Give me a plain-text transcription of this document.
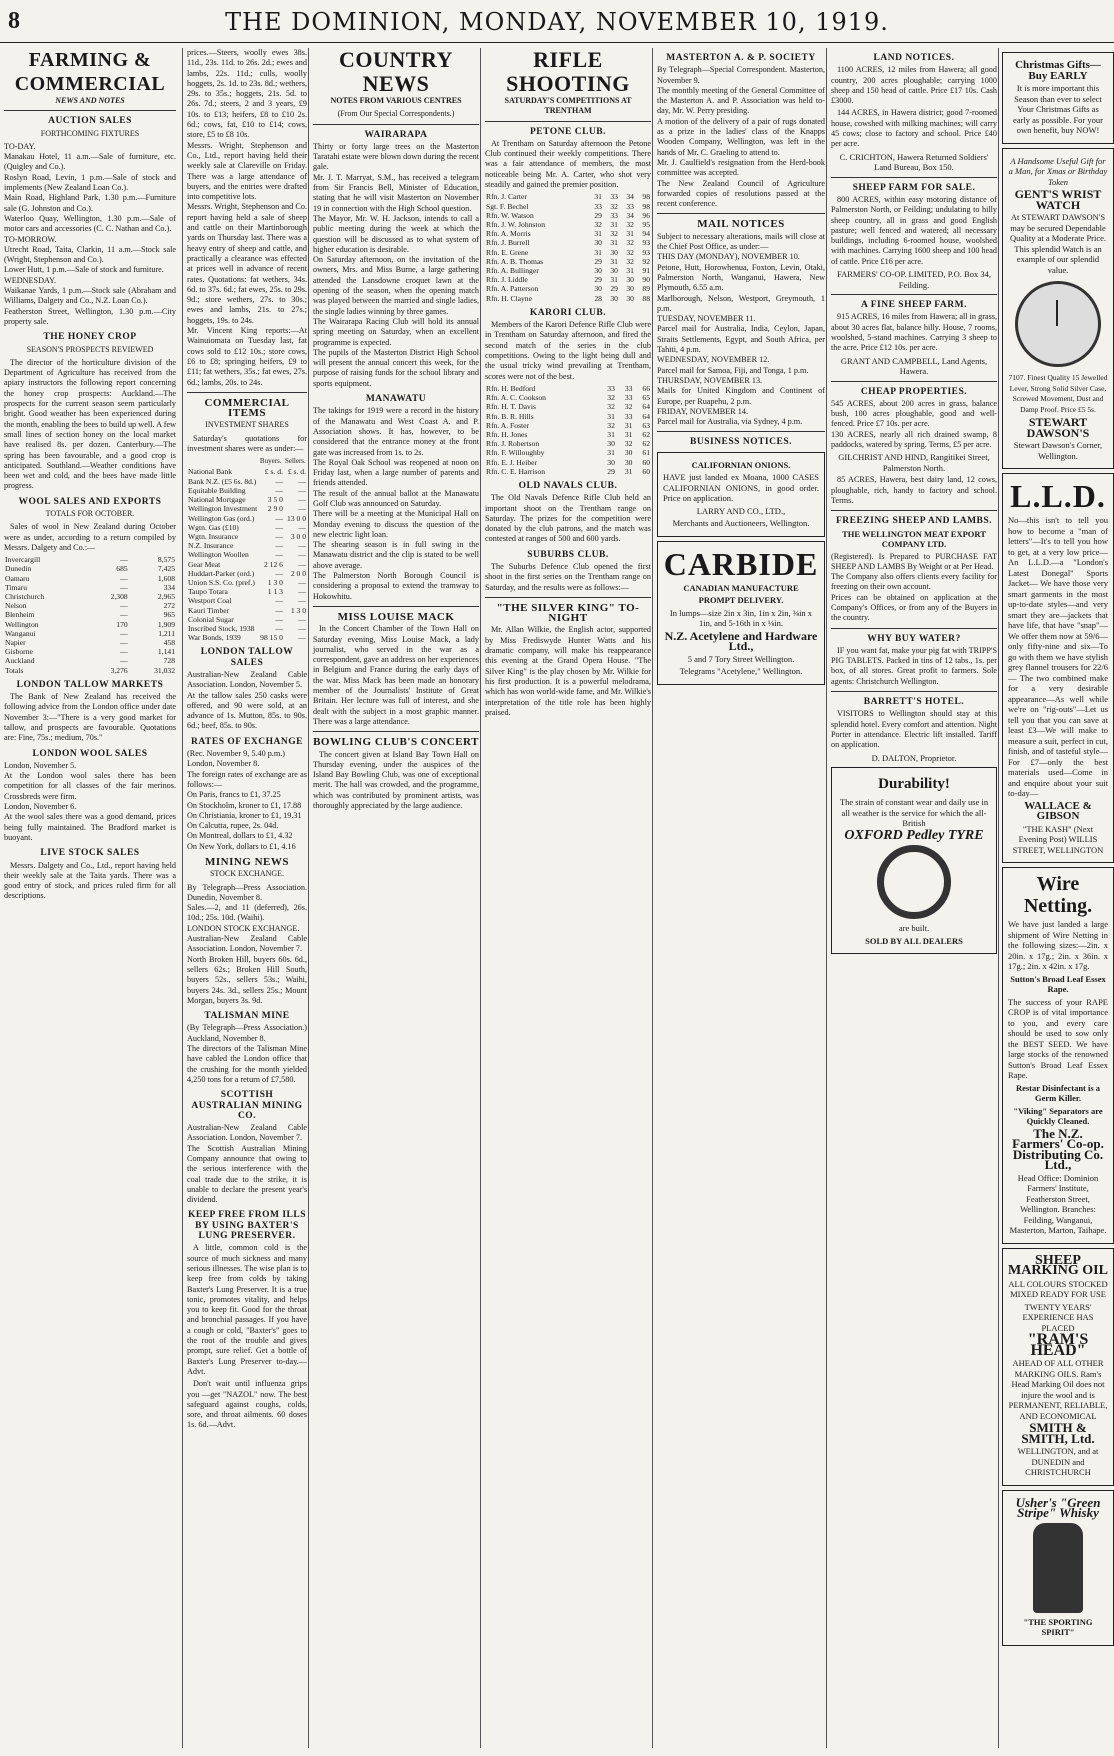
8	THE DOMINION, MONDAY, NOVEMBER 10, 1919.
FARMING & COMMERCIAL
NEWS AND NOTES
AUCTION SALES
FORTHCOMING FIXTURES

TO-DAY.
Manakau Hotel, 11 a.m.—Sale of furniture, etc. (Quigley and Co.).
Roslyn Road, Levin, 1 p.m.—Sale of stock and implements (New Zealand Loan Co.).
Main Road, Highland Park, 1.30 p.m.—Furniture sale (G. Johnston and Co.).
Waterloo Quay, Wellington, 1.30 p.m.—Sale of motor cars and accessories (C. C. Nathan and Co.).
TO-MORROW.
Utrecht Road, Taita, Clarkin, 11 a.m.—Stock sale (Wright, Stephenson and Co.).
Lower Hutt, 1 p.m.—Sale of stock and furniture.
WEDNESDAY.
Waikanae Yards, 1 p.m.—Stock sale (Abraham and Williams, Dalgety and Co., N.Z. Loan Co.).
Featherston Street, Wellington, 1.30 p.m.—City property sale.

THE HONEY CROP
SEASON'S PROSPECTS REVIEWED

The director of the horticulture division of the Department of Agriculture has received from the apiary instructors the following report concerning the honey crop prospects: Auckland.—The prospects for the current season seem particularly bright. Good weather has been experienced during the month, enabling the bees to build up well. A few small lines of section honey on the local market have realised 8s. per dozen. Canterbury.—The spring has been favourable, and a good crop is anticipated. Southland.—Weather conditions have been wet and cold, and the bees have made little progress.

WOOL SALES AND EXPORTS
TOTALS FOR OCTOBER.

Sales of wool in New Zealand during October were as under, according to a return compiled by Messrs. Dalgety and Co.:—

Invercargill	—	8,575
Dunedin	685	7,425
Oamaru	—	1,608
Timaru	—	334
Christchurch	2,308	2,965
Nelson	—	272
Blenheim	—	965
Wellington	170	1,909
Wanganui	—	1,211
Napier	—	458
Gisborne	—	1,141
Auckland	—	728
Totals	3,276	31,032
LONDON TALLOW MARKETS

The Bank of New Zealand has received the following advice from the London office under date November 3:—"There is a very good market for tallow, and prospects are favourable. Quotations are: Fine, 75s.; medium, 70s."

LONDON WOOL SALES

London, November 5.
At the London wool sales there has been competition for all classes of the fair merinos. Crossbreds were firm.
London, November 6.
At the wool sales there was a good demand, prices being fully maintained. The Bradford market is buoyant.

LIVE STOCK SALES

Messrs. Dalgety and Co., Ltd., report having held their weekly sale at the Taita yards. There was a good entry of stock, and prices ruled firm for all descriptions.

prices.—Steers, woolly ewes 38s. 11d., 23s. 11d. to 26s. 2d.; ewes and lambs, 22s. 11d.; culls, woolly hoggets, 2s. 1d. to 23s. 8d.; wethers, 29s. to 35s.; hoggets, 21s. 5d. to 26s. 7d.; steers, 2 and 3 years, £9 10s. to £13; heifers, £8 to £10 2s. 6d.; cows, fat, £10 to £14; cows, store, £5 to £8 10s.
Messrs. Wright, Stephenson and Co., Ltd., report having held their weekly sale at Clareville on Friday. There was a large attendance of buyers, and the entries were drafted into competitive lots.
Messrs. Wright, Stephenson and Co. report having held a sale of sheep and cattle on their Martinborough yards on Thursday last. There was a heavy entry of sheep and cattle, and practically a clearance was effected at prices well in advance of recent rates. Quotations: fat wethers, 34s. 6d. to 37s. 6d.; fat ewes, 25s. to 29s. 9d.; store wethers, 27s. to 30s.; ewes and lambs, 21s. to 27s.; hoggets, 19s. to 24s.
Mr. Vincent King reports:—At Wainuiomata on Tuesday last, fat cows sold to £12 10s.; store cows, £6 to £8; springing heifers, £9 to £11; fat wethers, 35s.; fat ewes, 27s. 6d.; lambs, 20s. to 24s.

COMMERCIAL ITEMS
INVESTMENT SHARES

Saturday's quotations for investment shares were as under:—

	Buyers.	Sellers.
National Bank	£ s. d.	£ s. d.
Bank N.Z. (£5 6s. 8d.)	—	—
Equitable Building	—	—
National Mortgage	3 5 0	—
Wellington Investment	2 9 0	—
Wellington Gas (ord.)	—	13 0 0
Wgtn. Gas (£10)	—	—
Wgtn. Insurance	—	3 0 0
N.Z. Insurance	—	—
Wellington Woollen	—	—
Gear Meat	2 12 6	—
Huddart-Parker (ord.)	—	2 0 0
Union S.S. Co. (pref.)	1 3 0	—
Taupo Totara	1 1 3	—
Westport Coal	—	—
Kauri Timber	—	1 3 0
Colonial Sugar	—	—
Inscribed Stock, 1938	—	—
War Bonds, 1939	98 15 0	—
LONDON TALLOW SALES

Australian-New Zealand Cable Association. London, November 5.
At the tallow sales 250 casks were offered, and 90 were sold, at an advance of 1s. Mutton, 85s. to 90s. 6d.; beef, 85s. to 90s.

RATES OF EXCHANGE

(Rec. November 9, 5.40 p.m.)
London, November 8.
The foreign rates of exchange are as follows:—
On Paris, francs to £1, 37.25
On Stockholm, kroner to £1, 17.88
On Christiania, kroner to £1, 19.31
On Calcutta, rupee, 2s. 04d.
On Montreal, dollars to £1, 4.32
On New York, dollars to £1, 4.16

MINING NEWS
STOCK EXCHANGE.

By Telegraph—Press Association. Dunedin, November 8.
Sales.—2, and 11 (deferred), 26s. 10d.; 25s. 10d. (Waihi).
LONDON STOCK EXCHANGE.
Australian-New Zealand Cable Association. London, November 7.
North Broken Hill, buyers 60s. 6d., sellers 62s.; Broken Hill South, buyers 52s., sellers 53s.; Waihi, buyers 24s. 3d., sellers 25s.; Mount Morgan, buyers 3s. 9d.

TALISMAN MINE

(By Telegraph—Press Association.) Auckland, November 8.
The directors of the Talisman Mine have cabled the London office that the crushing for the month yielded 4,250 tons for a return of £7,580.

SCOTTISH AUSTRALIAN MINING CO.

Australian-New Zealand Cable Association. London, November 7.
The Scottish Australian Mining Company announce that owing to the serious interference with the coal trade due to the strike, it is unable to declare the present year's dividend.

KEEP FREE FROM ILLS BY USING BAXTER'S LUNG PRESERVER.

A little, common cold is the source of much sickness and many serious illnesses. The wise plan is to keep free from colds by taking Baxter's Lung Preserver. It is a true tonic, promotes vitality, and helps you to keep fit. Good for the throat and bronchial passages. If you have a cough or cold, "Baxter's" goes to the root of the trouble and gives prompt, sure relief. Get a bottle of Baxter's Lung Preserver to-day.—Advt.

Don't wait until influenza grips you —get "NAZOL" now. The best safeguard against coughs, colds, sore, and throat ailments. 60 doses 1s. 6d.—Advt.

COUNTRY NEWS
NOTES FROM VARIOUS CENTRES
(From Our Special Correspondents.)
WAIRARAPA

Thirty or forty large trees on the Masterton Taratahi estate were blown down during the recent gale.
Mr. J. T. Marryat, S.M., has received a telegram from Sir Francis Bell, Minister of Education, stating that he will visit Masterton on November 19 in connection with the High School question.
The Mayor, Mr. W. H. Jackson, intends to call a public meeting during the week at which the question will be discussed as to what system of higher education is desirable.
On Saturday afternoon, on the invitation of the owners, Mrs. and Miss Burne, a large gathering attended the Lansdowne croquet lawn at the opening of the season, when the opening match was played between the married and single ladies, the single ladies winning by three games.
The Wairarapa Racing Club will hold its annual spring meeting on Saturday, when an excellent programme is expected.
The pupils of the Masterton District High School will present the annual concert this week, for the purpose of raising funds for the school library and sports equipment.

MANAWATU

The takings for 1919 were a record in the history of the Manawatu and West Coast A. and P. Association shows. It has, however, to be considered that the entrance money at the front gate was increased from 1s. to 2s.
The Royal Oak School was reopened at noon on Friday last, when a large number of parents and friends attended.
The result of the annual ballot at the Manawatu Golf Club was announced on Saturday.
There will be a meeting at the Municipal Hall on Monday evening to discuss the question of the new electric light loan.
The shearing season is in full swing in the Manawatu district and the clip is stated to be well above average.
The Palmerston North Borough Council is considering a proposal to extend the tramway to Hokowhitu.

MISS LOUISE MACK

In the Concert Chamber of the Town Hall on Saturday evening, Miss Louise Mack, a lady journalist, who served in the war as a correspondent, gave an address on her experiences in Belgium and France during the early days of the war. Miss Mack has been made an honorary member of the Journalists' Institute of Great Britain. Her lecture was full of interest, and she dealt with the subject in a most graphic manner. There was a large attendance.

BOWLING CLUB'S CONCERT

The concert given at Island Bay Town Hall on Thursday evening, under the auspices of the Island Bay Bowling Club, was one of exceptional merit. The hall was crowded, and the programme, which was contributed by prominent artists, was thoroughly appreciated by the large audience.

RIFLE SHOOTING
SATURDAY'S COMPETITIONS AT TRENTHAM
PETONE CLUB.

At Trentham on Saturday afternoon the Petone Club continued their weekly competitions. There was a fair attendance of members, the most noticeable being Mr. A. Carter, who shot very steadily and gained the premier position.

Rfn. J. Carter	31	33	34	98
Sgt. F. Bechel	33	32	33	98
Rfn. W. Watson	29	33	34	96
Rfn. J. W. Johnston	32	31	32	95
Rfn. A. Morris	31	32	31	94
Rfn. J. Burrell	30	31	32	93
Rfn. E. Grene	31	30	32	93
Rfn. A. B. Thomas	29	31	32	92
Rfn. A. Bullinger	30	30	31	91
Rfn. J. Liddle	29	31	30	90
Rfn. A. Patterson	30	29	30	89
Rfn. H. Clayne	28	30	30	88
KARORI CLUB.

Members of the Karori Defence Rifle Club were in Trentham on Saturday afternoon, and fired the second match of the series in the club competitions. Owing to the light being dull and the usual tricky wind prevailing at Trentham, scores were not of the best.

Rfn. H. Bedford	33	33	66
Rfn. A. C. Cookson	32	33	65
Rfn. H. T. Davis	32	32	64
Rfn. B. R. Hills	31	33	64
Rfn. A. Foster	32	31	63
Rfn. H. Jones	31	31	62
Rfn. J. Robertson	30	32	62
Rfn. F. Willoughby	31	30	61
Rfn. E. J. Heiber	30	30	60
Rfn. C. E. Harrison	29	31	60
OLD NAVALS CLUB.

The Old Navals Defence Rifle Club held an important shoot on the Trentham range on Saturday. The prizes for the competition were donated by the club patrons, and the match was contested at ranges of 500 and 600 yards.

SUBURBS CLUB.

The Suburbs Defence Club opened the first shoot in the first series on the Trentham range on Saturday, and the results were as follows:—

"THE SILVER KING" TO-NIGHT

Mr. Allan Wilkie, the English actor, supported by Miss Frediswyde Hunter Watts and his dramatic company, will make his reappearance this evening at the Grand Opera House. "The Silver King" is the play chosen by Mr. Wilkie for his first production. It is a powerful melodrama, which has won world-wide fame, and Mr. Wilkie's interpretation of the title role has been highly praised.

MASTERTON A. & P. SOCIETY

By Telegraph—Special Correspondent. Masterton, November 9.
The monthly meeting of the General Committee of the Masterton A. and P. Association was held to-day, Mr. W. Perry presiding.
A motion of the delivery of a pair of rugs donated as a prize in the ladies' class of the Knapps Wooden Company, Wellington, was left in the hands of Mr. C. Graeling to attend to.
Mr. J. Caulfield's resignation from the Herd-book committee was accepted.
The New Zealand Council of Agriculture forwarded copies of resolutions passed at the recent conference.

MAIL NOTICES

Subject to necessary alterations, mails will close at the Chief Post Office, as under:—
THIS DAY (MONDAY), NOVEMBER 10.
Petone, Hutt, Horowhenua, Foxton, Levin, Otaki, Palmerston North, Wanganui, Hawera, New Plymouth, 6.55 a.m.
Marlborough, Nelson, Westport, Greymouth, 1 p.m.
TUESDAY, NOVEMBER 11.
Parcel mail for Australia, India, Ceylon, Japan, Straits Settlements, Egypt, and South Africa, per Tahiti, 4 p.m.
WEDNESDAY, NOVEMBER 12.
Parcel mail for Samoa, Fiji, and Tonga, 1 p.m.
THURSDAY, NOVEMBER 13.
Mails for United Kingdom and Continent of Europe, per Ruapehu, 2 p.m.
FRIDAY, NOVEMBER 14.
Parcel mail for Australia, via Sydney, 4 p.m.

BUSINESS NOTICES.
CALIFORNIAN ONIONS.
HAVE just landed ex Moana, 1000 CASES CALIFORNIAN ONIONS, in good order. Price on application.
LARRY AND CO., LTD.,
Merchants and Auctioneers, Wellington.
CARBIDE
CANADIAN MANUFACTURE
PROMPT DELIVERY.
In lumps—size 2in x 3in, 1in x 2in, ⅜in x 1in, and 5-16th in x ⅛in.
N.Z. Acetylene and Hardware Ltd.,
5 and 7 Tory Street Wellington.
Telegrams "Acetylene," Wellington.
LAND NOTICES.

1100 ACRES, 12 miles from Hawera; all good country, 200 acres ploughable; carrying 1000 sheep and 150 head of cattle. Price £17 10s. Cash £3000.

144 ACRES, in Hawera district; good 7-roomed house, cowshed with milking machines; will carry 45 cows; close to factory and school. Price £40 per acre.

C. CRICHTON, Hawera Returned Soldiers' Land Bureau, Box 150.
SHEEP FARM FOR SALE.

800 ACRES, within easy motoring distance of Palmerston North, or Feilding; undulating to hilly sheep country, all in grass and good English pasture; well fenced and watered; all necessary buildings, including 6-roomed house, woolshed with machines. Carrying 1600 sheep and 100 head of cattle. Price £16 per acre.

FARMERS' CO-OP. LIMITED, P.O. Box 34, Feilding.
A FINE SHEEP FARM.

915 ACRES, 16 miles from Hawera; all in grass, about 30 acres flat, balance hilly. House, 7 rooms, woolshed, 5-stand machines. Carrying 3 sheep to the acre. Price £12 10s. per acre.

GRANT AND CAMPBELL, Land Agents, Hawera.
CHEAP PROPERTIES.

545 ACRES, about 200 acres in grass, balance bush, 100 acres ploughable, good and well-fenced. Price £7 10s. per acre.
130 ACRES, nearly all rich drained swamp, 8 paddocks, watered by spring. Terms, £5 per acre.

GILCHRIST AND HIND, Rangitikei Street, Palmerston North.

85 ACRES, Hawera, best dairy land, 12 cows, ploughable, rich, handy to factory and school. Terms.

FREEZING SHEEP AND LAMBS.
THE WELLINGTON MEAT EXPORT COMPANY LTD.

(Registered). Is Prepared to PURCHASE FAT SHEEP AND LAMBS By Weight or at Per Head.
The Company also offers clients every facility for freezing on their own account.
Prices can be obtained on application at the Company's Offices, or from any of the Buyers in the country.

WHY BUY WATER?

IF you want fat, make your pig fat with TRIPP'S PIG TABLETS. Packed in tins of 12 tabs., 1s. per box, of all stores. Great profit to farmers. Sole agents: Christchurch Wellington.

BARRETT'S HOTEL.

VISITORS to Wellington should stay at this splendid hotel. Every comfort and attention. Night Porter in attendance. Electric lift installed. Tariff on application.

D. DALTON, Proprietor.
Durability!
The strain of constant wear and daily use in all weather is the service for which the all-British
OXFORD Pedley TYRE
are built.
SOLD BY ALL DEALERS
Christmas Gifts—Buy EARLY
It is more important this Season than ever to select Your Christmas Gifts as early as possible. For your own benefit, buy NOW!
A Handsome Useful Gift for a Man, for Xmas or Birthday Token
GENT'S WRIST WATCH
At STEWART DAWSON'S may be secured Dependable Quality at a Moderate Price. This splendid Watch is an example of our splendid value.
7107. Finest Quality 15 Jewelled Lever, Strong Solid Silver Case, Screwed Movement, Dust and Damp Proof. Price £5 5s.
STEWART DAWSON'S
Stewart Dawson's Corner, Wellington.
L.L.D.
No—this isn't to tell you how to become a "man of letters"—It's to tell you how to get, at a very low price—An L.L.D.—a "London's Latest Donegal" Sports Jacket— We have those very smart garments in the most up-to-date styles—and very smart they are—jackets that have life, that have "snap"— We offer them now at 59/6—only fifty-nine and six—To go with them we have stylish grey flannel trousers for 22/6— The two combined make for a very desirable appearance—As well while we're on "rig-outs"—Let us tell you that you can save at least £3—We will make to measure a suit, perfect in cut, finish, and of tasteful style—For £7—only the best materials used—Come in and enquire about your suit to-day—
WALLACE & GIBSON
"THE KASH" (Next Evening Post) WILLIS STREET, WELLINGTON
Wire Netting.
We have just landed a large shipment of Wire Netting in the following sizes:—2in. x 20in. x 17g.; 2in. x 36in. x 17g.; 2in. x 42in. x 17g.
Sutton's Broad Leaf Essex Rape.
The success of your RAPE CROP is of vital importance to you, and every care should be used to sow only the BEST SEED. We have large stocks of the renowned Sutton's Broad Leaf Essex Rape.
Restar Disinfectant is a Germ Killer.
"Viking" Separators are Quickly Cleaned.
The N.Z. Farmers' Co-op. Distributing Co. Ltd.,
Head Office: Dominion Farmers' Institute, Featherston Street, Wellington. Branches: Feilding, Wanganui, Masterton, Marton, Taihape.
SHEEP MARKING OIL
ALL COLOURS STOCKED MIXED READY FOR USE
TWENTY YEARS' EXPERIENCE HAS PLACED
"RAM'S HEAD"
AHEAD OF ALL OTHER MARKING OILS. Ram's Head Marking Oil does not injure the wool and is PERMANENT, RELIABLE, AND ECONOMICAL
SMITH & SMITH, Ltd.
WELLINGTON, and at DUNEDIN and CHRISTCHURCH
Usher's "Green Stripe" Whisky
"THE SPORTING SPIRIT"
